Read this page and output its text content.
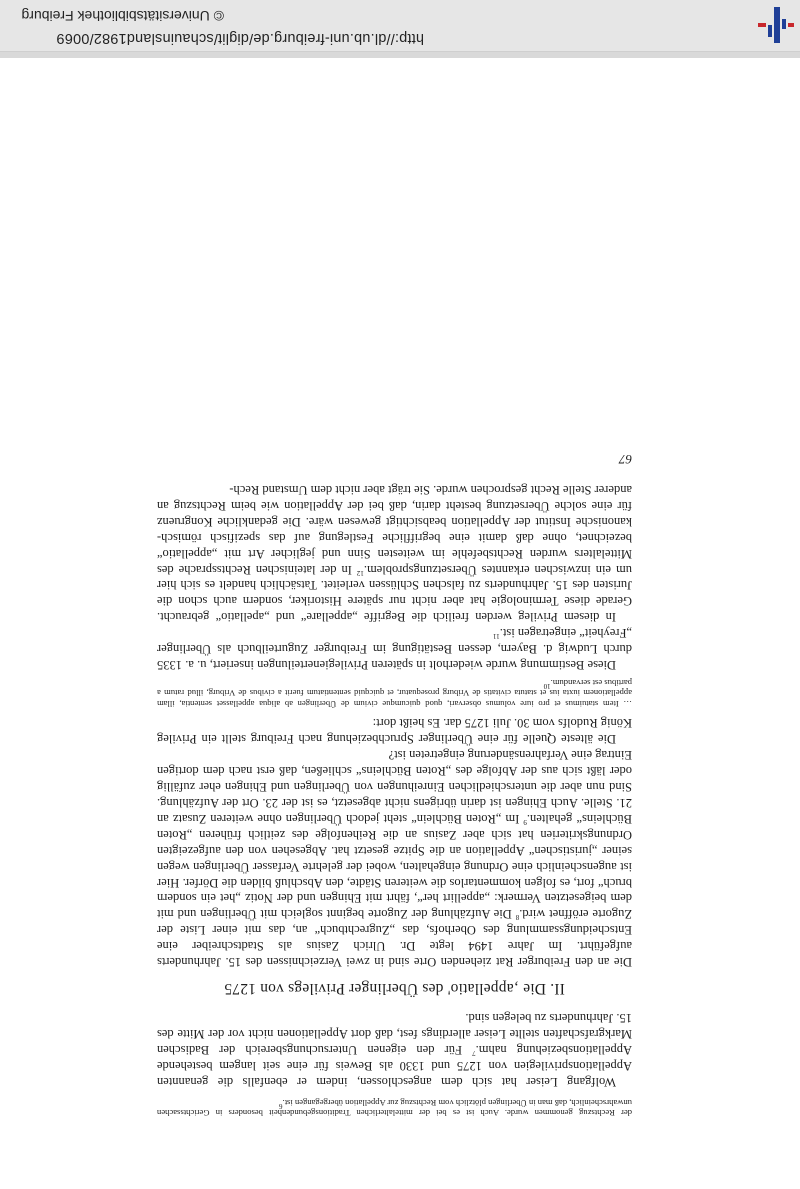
der Rechtszug genommen wurde. Auch ist es bei der mittelalterlichen Traditionsgebundenheit besonders in Gerichtssachen unwahrscheinlich, daß man in Überlingen plötzlich vom Rechtszug zur Appellation übergegangen ist.$^6$

Wolfgang Leiser hat sich dem angeschlossen, indem er ebenfalls die genannten Appellationsprivilegien von 1275 und 1330 als Beweis für eine seit langem bestehende Appellationsbeziehung nahm.$^7$ Für den eigenen Untersuchungsbereich der Badischen Markgrafschaften stellte Leiser allerdings fest, daß dort Appellationen nicht vor der Mitte des 15. Jahrhunderts zu belegen sind.

II. Die ‚appellatio' des Überlinger Privilegs von 1275

Die an den Freiburger Rat ziehenden Orte sind in zwei Verzeichnissen des 15. Jahrhunderts aufgeführt. Im Jahre 1494 legte Dr. Ulrich Zasius als Stadtschreiber eine Entscheidungssammlung des Oberhofs, das „Zugrechtbuch“ an, das mit einer Liste der Zugorte eröffnet wird.$^8$ Die Aufzählung der Zugorte beginnt sogleich mit Überlingen und mit dem beigesetzten Vermerk: „appellirt her“, fährt mit Ehingen und der Notiz „het ein sondern bruch“ fort, es folgen kommentarlos die weiteren Städte, den Abschluß bilden die Dörfer. Hier ist augenscheinlich eine Ordnung eingehalten, wobei der gelehrte Verfasser Überlingen wegen seiner „juristischen“ Appellation an die Spitze gesetzt hat. Abgesehen von den aufgezeigten Ordnungskriterien hat sich aber Zasius an die Reihenfolge des zeitlich früheren „Roten Büchleins“ gehalten.$^9$ Im „Roten Büchlein“ steht jedoch Überlingen ohne weiteren Zusatz an 21. Stelle. Auch Ehingen ist darin übrigens nicht abgesetzt, es ist der 23. Ort der Aufzählung. Sind nun aber die unterschiedlichen Einreihungen von Überlingen und Ehingen eher zufällig oder läßt sich aus der Abfolge des „Roten Büchleins“ schließen, daß erst nach dem dortigen Eintrag eine Verfahrensänderung eingetreten ist?

Die älteste Quelle für eine Überlinger Spruchbeziehung nach Freiburg stellt ein Privileg König Rudolfs vom 30. Juli 1275 dar. Es heißt dort:

… Item statuimus et pro iure volumus observari, quod quicumque civium de Überlingen ab aliqua appellasset sententia, illam appellationem iuxta ius et statuta civitatis de Vriburg prosequatur, et quicquid sententiatum fuerit a civibus de Vriburg, illud ratum a partibus est servandum.$^{10}$

Diese Bestimmung wurde wiederholt in späteren Privilegienerteilungen inseriert, u. a. 1335 durch Ludwig d. Bayern, dessen Bestätigung im Freiburger Zugurteilbuch als Überlinger „Freyheit“ eingetragen ist.$^{11}$

In diesem Privileg werden freilich die Begriffe „appellare“ und „apellatio“ gebraucht. Gerade diese Terminologie hat aber nicht nur spätere Historiker, sondern auch schon die Juristen des 15. Jahrhunderts zu falschen Schlüssen verleitet. Tatsächlich handelt es sich hier um ein inzwischen erkanntes Übersetzungsproblem.$^{12}$ In der lateinischen Rechtssprache des Mittelalters wurden Rechtsbefehle im weitesten Sinn und jeglicher Art mit „appellatio“ bezeichnet, ohne daß damit eine begriffliche Festlegung auf das spezifisch römisch-kanonische Institut der Appellation beabsichtigt gewesen wäre. Die gedankliche Kongruenz für eine solche Übersetzung besteht darin, daß bei der Appellation wie beim Rechtszug an anderer Stelle Recht gesprochen wurde. Sie trägt aber nicht dem Umstand Rech-

67
© Universitätsbibliothek Freiburg
http://dl.ub.uni-freiburg.de/diglit/schauinsland1982/0069
